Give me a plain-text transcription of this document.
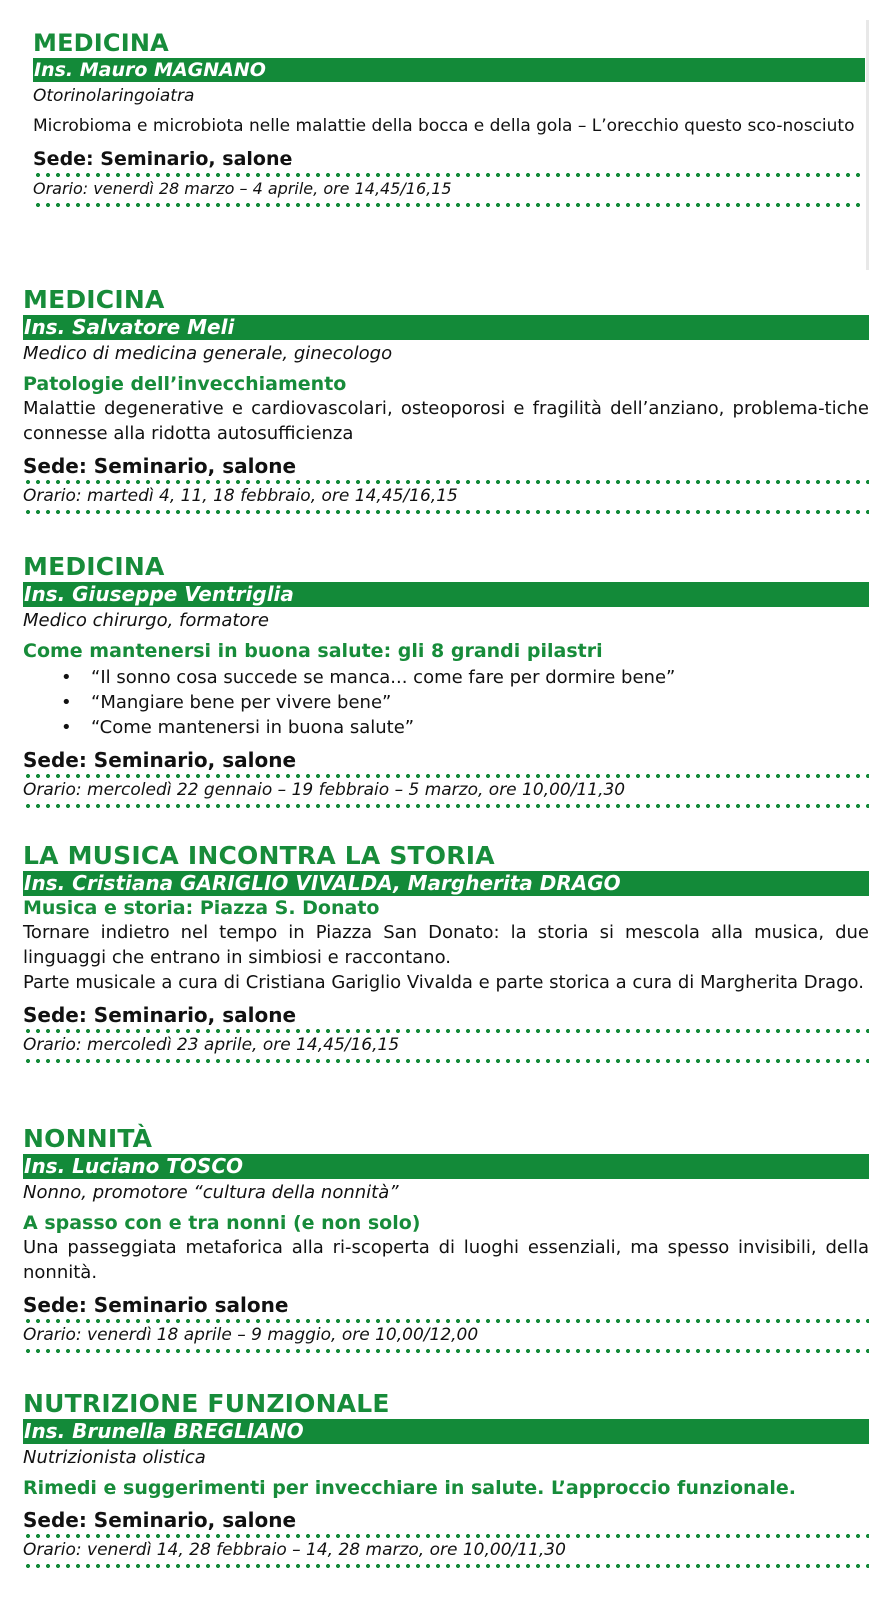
MEDICINA
Ins. Mauro MAGNANO
Otorinolaringoiatra
Microbioma e microbiota nelle malattie della bocca e della gola – L’orecchio questo sco-nosciuto
Sede: Seminario, salone
Orario: venerdì 28 marzo – 4 aprile, ore 14,45/16,15
MEDICINA
Ins. Salvatore Meli
Medico di medicina generale, ginecologo
Patologie dell’invecchiamento
Malattie degenerative e cardiovascolari, osteoporosi e fragilità dell’anziano, problema-tiche connesse alla ridotta autosufficienza
Sede: Seminario, salone
Orario: martedì 4, 11, 18 febbraio, ore 14,45/16,15
MEDICINA
Ins. Giuseppe Ventriglia
Medico chirurgo, formatore
Come mantenersi in buona salute: gli 8 grandi pilastri
• “Il sonno cosa succede se manca... come fare per dormire bene”
• “Mangiare bene per vivere bene”
• “Come mantenersi in buona salute”
Sede: Seminario, salone
Orario: mercoledì 22 gennaio – 19 febbraio – 5 marzo, ore 10,00/11,30
LA MUSICA INCONTRA LA STORIA
Ins. Cristiana GARIGLIO VIVALDA, Margherita DRAGO
Musica e storia: Piazza S. Donato
Tornare indietro nel tempo in Piazza San Donato: la storia si mescola alla musica, due linguaggi che entrano in simbiosi e raccontano.
Parte musicale a cura di Cristiana Gariglio Vivalda e parte storica a cura di Margherita Drago.
Sede: Seminario, salone
Orario: mercoledì 23 aprile, ore 14,45/16,15
NONNITÀ
Ins. Luciano TOSCO
Nonno, promotore “cultura della nonnità”
A spasso con e tra nonni (e non solo)
Una passeggiata metaforica alla ri-scoperta di luoghi essenziali, ma spesso invisibili, della nonnità.
Sede: Seminario salone
Orario: venerdì 18 aprile – 9 maggio, ore 10,00/12,00
NUTRIZIONE FUNZIONALE
Ins. Brunella BREGLIANO
Nutrizionista olistica
Rimedi e suggerimenti per invecchiare in salute. L’approccio funzionale.
Sede: Seminario, salone
Orario: venerdì 14, 28 febbraio – 14, 28 marzo, ore 10,00/11,30
